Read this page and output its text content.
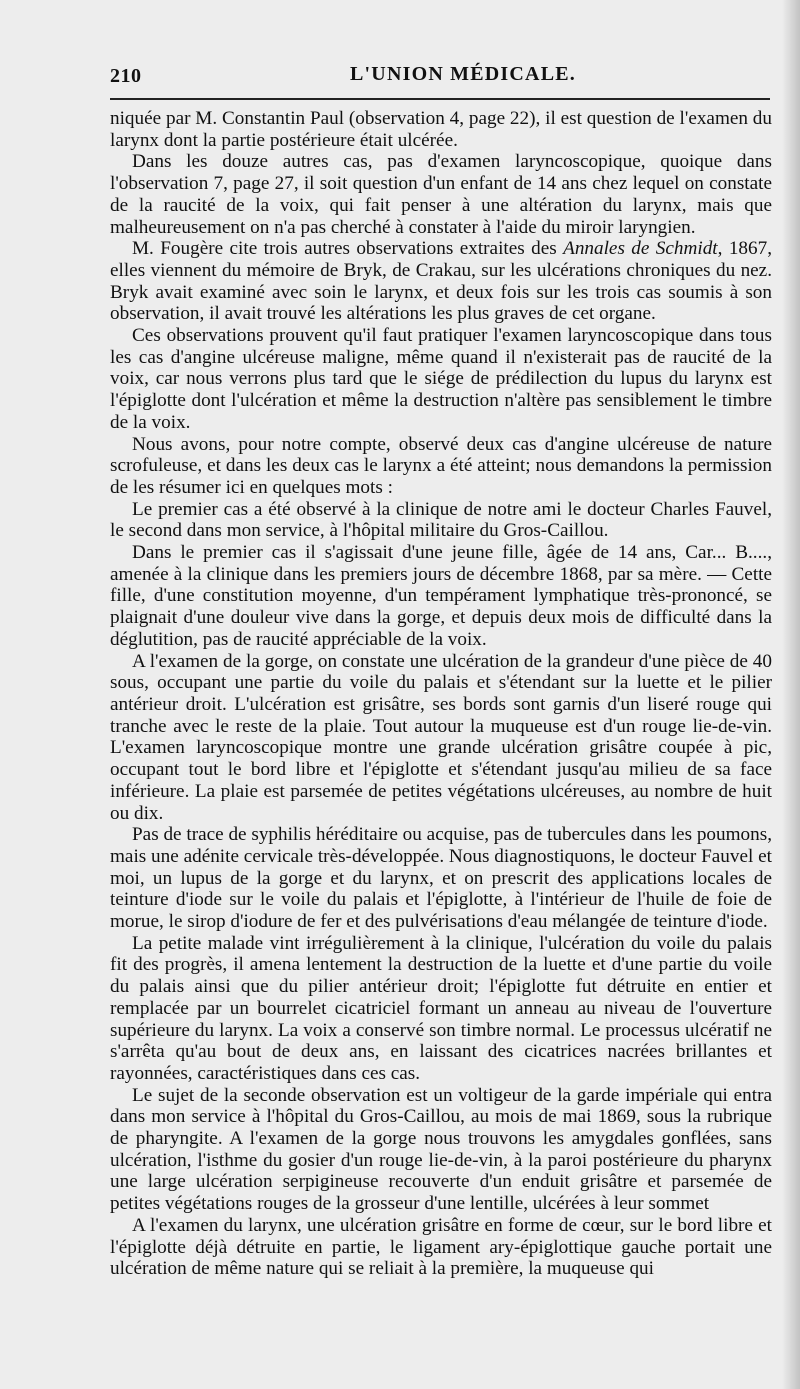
210	L'UNION MÉDICALE.

niquée par M. Constantin Paul (observation 4, page 22), il est question de l'examen du larynx dont la partie postérieure était ulcérée.

Dans les douze autres cas, pas d'examen laryncoscopique, quoique dans l'observation 7, page 27, il soit question d'un enfant de 14 ans chez lequel on constate de la raucité de la voix, qui fait penser à une altération du larynx, mais que malheureusement on n'a pas cherché à constater à l'aide du miroir laryngien.

M. Fougère cite trois autres observations extraites des Annales de Schmidt, 1867, elles viennent du mémoire de Bryk, de Crakau, sur les ulcérations chroniques du nez. Bryk avait examiné avec soin le larynx, et deux fois sur les trois cas soumis à son observation, il avait trouvé les altérations les plus graves de cet organe.

Ces observations prouvent qu'il faut pratiquer l'examen laryncoscopique dans tous les cas d'angine ulcéreuse maligne, même quand il n'existerait pas de raucité de la voix, car nous verrons plus tard que le siége de prédilection du lupus du larynx est l'épiglotte dont l'ulcération et même la destruction n'altère pas sensiblement le timbre de la voix.

Nous avons, pour notre compte, observé deux cas d'angine ulcéreuse de nature scrofuleuse, et dans les deux cas le larynx a été atteint; nous demandons la permission de les résumer ici en quelques mots :

Le premier cas a été observé à la clinique de notre ami le docteur Charles Fauvel, le second dans mon service, à l'hôpital militaire du Gros-Caillou.

Dans le premier cas il s'agissait d'une jeune fille, âgée de 14 ans, Car... B...., amenée à la clinique dans les premiers jours de décembre 1868, par sa mère. — Cette fille, d'une constitution moyenne, d'un tempérament lymphatique très-prononcé, se plaignait d'une douleur vive dans la gorge, et depuis deux mois de difficulté dans la déglutition, pas de raucité appréciable de la voix.

A l'examen de la gorge, on constate une ulcération de la grandeur d'une pièce de 40 sous, occupant une partie du voile du palais et s'étendant sur la luette et le pilier antérieur droit. L'ulcération est grisâtre, ses bords sont garnis d'un liseré rouge qui tranche avec le reste de la plaie. Tout autour la muqueuse est d'un rouge lie-de-vin. L'examen laryncoscopique montre une grande ulcération grisâtre coupée à pic, occupant tout le bord libre et l'épiglotte et s'étendant jusqu'au milieu de sa face inférieure. La plaie est parsemée de petites végétations ulcéreuses, au nombre de huit ou dix.

Pas de trace de syphilis héréditaire ou acquise, pas de tubercules dans les poumons, mais une adénite cervicale très-développée. Nous diagnostiquons, le docteur Fauvel et moi, un lupus de la gorge et du larynx, et on prescrit des applications locales de teinture d'iode sur le voile du palais et l'épiglotte, à l'intérieur de l'huile de foie de morue, le sirop d'iodure de fer et des pulvérisations d'eau mélangée de teinture d'iode.

La petite malade vint irrégulièrement à la clinique, l'ulcération du voile du palais fit des progrès, il amena lentement la destruction de la luette et d'une partie du voile du palais ainsi que du pilier antérieur droit; l'épiglotte fut détruite en entier et remplacée par un bourrelet cicatriciel formant un anneau au niveau de l'ouverture supérieure du larynx. La voix a conservé son timbre normal. Le processus ulcératif ne s'arrêta qu'au bout de deux ans, en laissant des cicatrices nacrées brillantes et rayonnées, caractéristiques dans ces cas.

Le sujet de la seconde observation est un voltigeur de la garde impériale qui entra dans mon service à l'hôpital du Gros-Caillou, au mois de mai 1869, sous la rubrique de pharyngite. A l'examen de la gorge nous trouvons les amygdales gonflées, sans ulcération, l'isthme du gosier d'un rouge lie-de-vin, à la paroi postérieure du pharynx une large ulcération serpigineuse recouverte d'un enduit grisâtre et parsemée de petites végétations rouges de la grosseur d'une lentille, ulcérées à leur sommet

A l'examen du larynx, une ulcération grisâtre en forme de cœur, sur le bord libre et l'épiglotte déjà détruite en partie, le ligament ary-épiglottique gauche portait une ulcération de même nature qui se reliait à la première, la muqueuse qui
